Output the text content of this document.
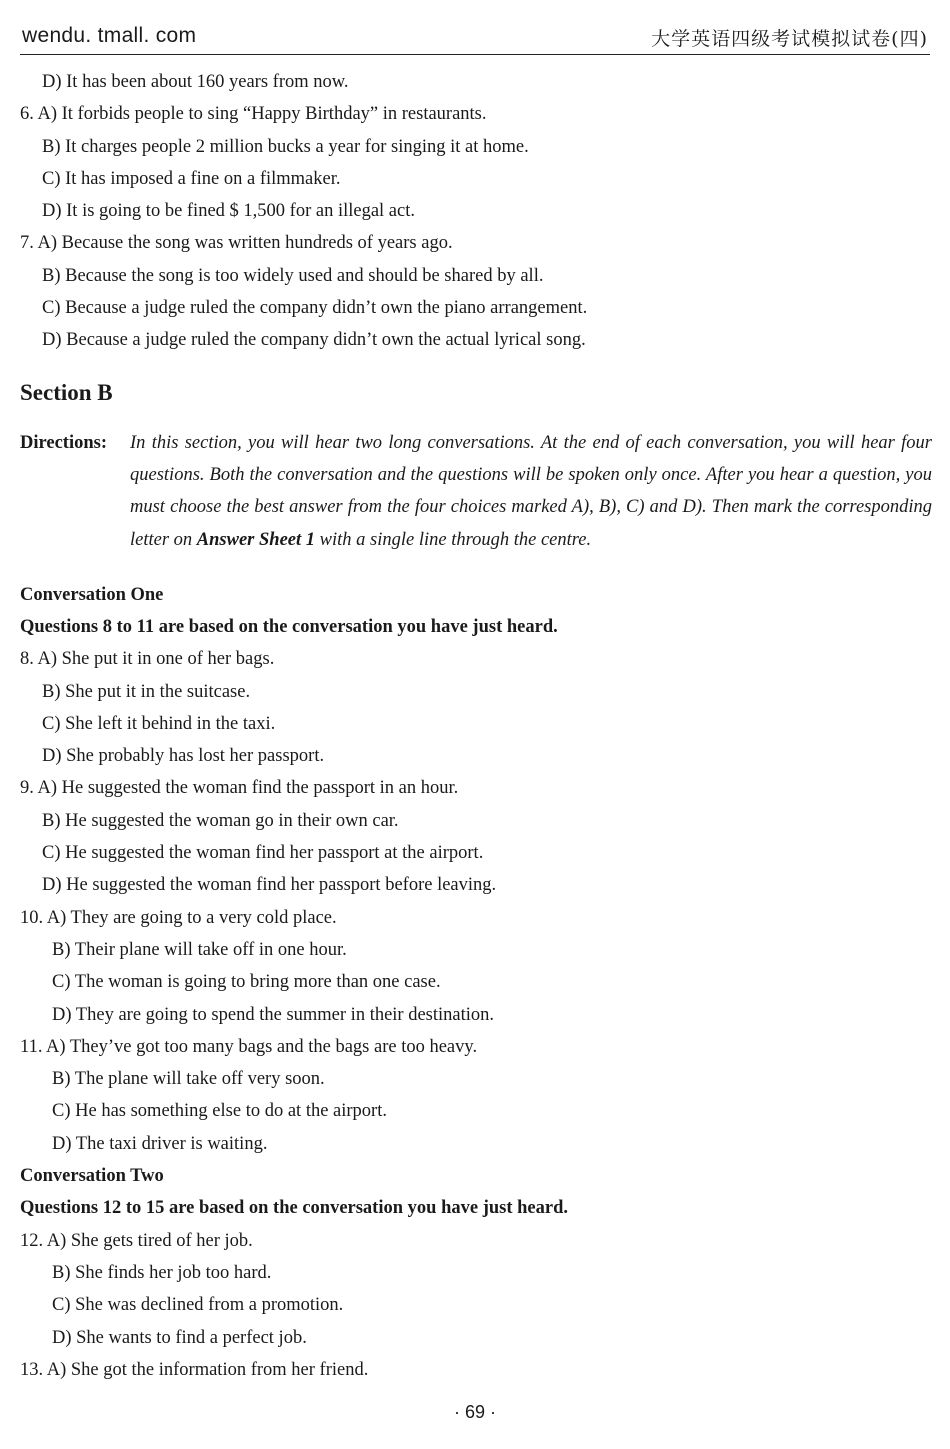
wendu. tmall. com	大学英语四级考试模拟试卷(四)
D) It has been about 160 years from now.
6. A) It forbids people to sing “Happy Birthday” in restaurants.
B) It charges people 2 million bucks a year for singing it at home.
C) It has imposed a fine on a filmmaker.
D) It is going to be fined $ 1,500 for an illegal act.
7. A) Because the song was written hundreds of years ago.
B) Because the song is too widely used and should be shared by all.
C) Because a judge ruled the company didn’t own the piano arrangement.
D) Because a judge ruled the company didn’t own the actual lyrical song.
Section B
Directions: In this section, you will hear two long conversations. At the end of each conversation, you will hear four questions. Both the conversation and the questions will be spoken only once. After you hear a question, you must choose the best answer from the four choices marked A), B), C) and D). Then mark the corresponding letter on Answer Sheet 1 with a single line through the centre.
Conversation One
Questions 8 to 11 are based on the conversation you have just heard.
8. A) She put it in one of her bags.
B) She put it in the suitcase.
C) She left it behind in the taxi.
D) She probably has lost her passport.
9. A) He suggested the woman find the passport in an hour.
B) He suggested the woman go in their own car.
C) He suggested the woman find her passport at the airport.
D) He suggested the woman find her passport before leaving.
10. A) They are going to a very cold place.
B) Their plane will take off in one hour.
C) The woman is going to bring more than one case.
D) They are going to spend the summer in their destination.
11. A) They’ve got too many bags and the bags are too heavy.
B) The plane will take off very soon.
C) He has something else to do at the airport.
D) The taxi driver is waiting.
Conversation Two
Questions 12 to 15 are based on the conversation you have just heard.
12. A) She gets tired of her job.
B) She finds her job too hard.
C) She was declined from a promotion.
D) She wants to find a perfect job.
13. A) She got the information from her friend.
· 69 ·
